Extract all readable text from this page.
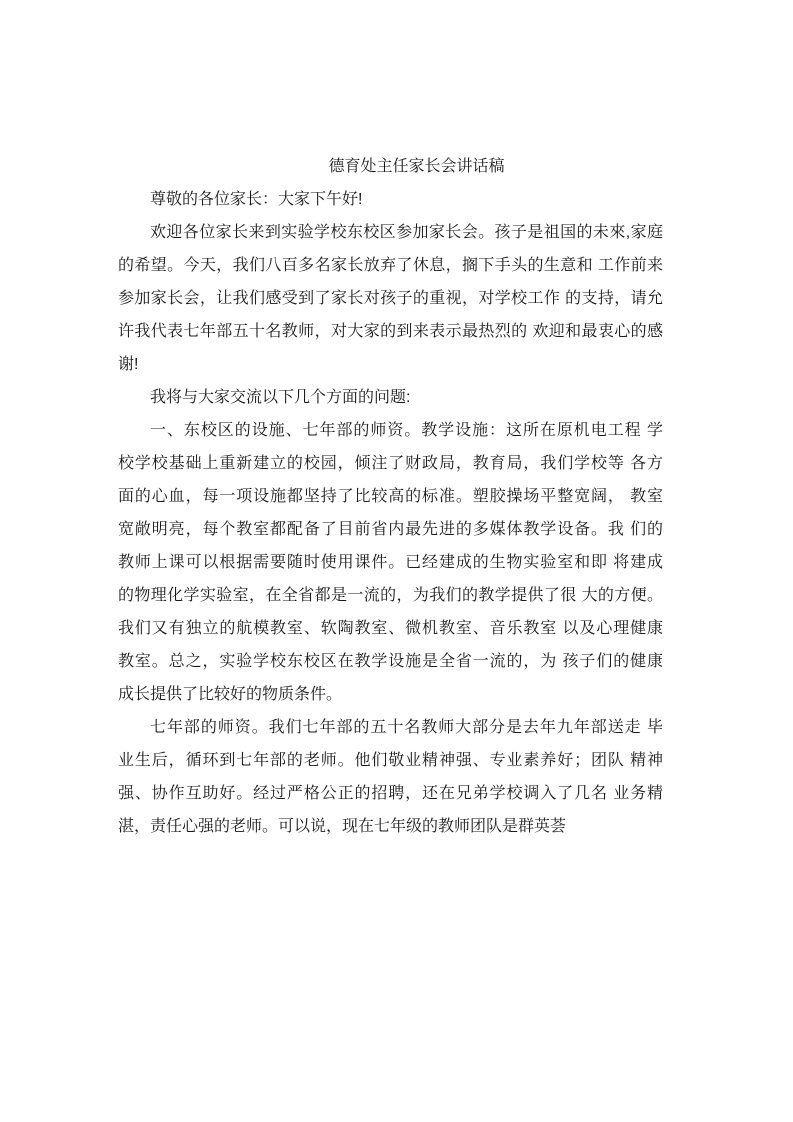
德育处主任家长会讲话稿
尊敬的各位家长：大家下午好!
欢迎各位家长来到实验学校东校区参加家长会。孩子是祖国的未來,家庭
的希望。今天，我们八百多名家长放弃了休息，搁下手头的生意和 工作前来
参加家长会，让我们感受到了家长对孩子的重视，对学校工作 的支持，请允
许我代表七年部五十名教师，对大家的到来表示最热烈的 欢迎和最衷心的感
谢!
我将与大家交流以下几个方面的问题:
一、东校区的设施、七年部的师资。教学设施：这所在原机电工程 学
校学校基础上重新建立的校园，倾注了财政局，教育局，我们学校等 各方
面的心血，每一项设施都坚持了比较高的标准。塑胶操场平整宽阔， 教室
宽敞明亮，每个教室都配备了目前省内最先进的多媒体教学设备。我 们的
教师上课可以根据需要随时使用课件。已经建成的生物实验室和即 将建成
的物理化学实验室，在全省都是一流的，为我们的教学提供了很 大的方便。
我们又有独立的航模教室、软陶教室、微机教室、音乐教室 以及心理健康
教室。总之，实验学校东校区在教学设施是全省一流的，为 孩子们的健康
成长提供了比较好的物质条件。
七年部的师资。我们七年部的五十名教师大部分是去年九年部送走 毕
业生后，循环到七年部的老师。他们敬业精神强、专业素养好；团队 精神
强、协作互助好。经过严格公正的招聘，还在兄弟学校调入了几名 业务精
湛，责任心强的老师。可以说，现在七年级的教师团队是群英荟
